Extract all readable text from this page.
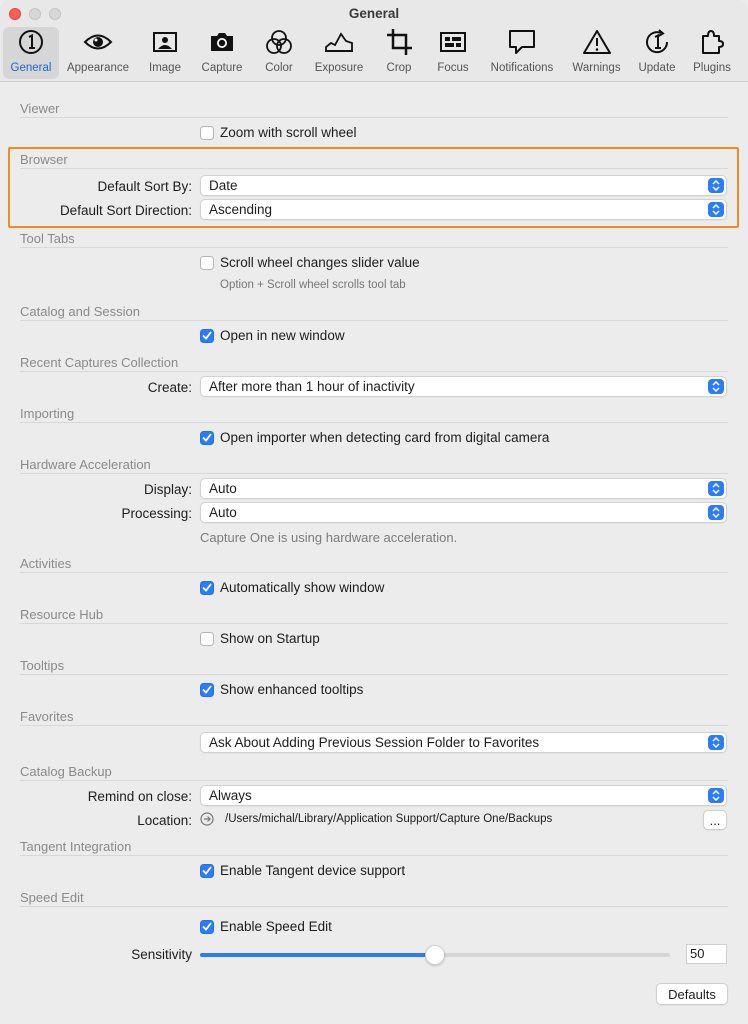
General
General Appearance Image Capture Color Exposure Crop Focus Notifications Warnings Update Plugins
Viewer
Zoom with scroll wheel
Browser
Default Sort By: Date
Default Sort Direction: Ascending
Tool Tabs
Scroll wheel changes slider value
Option + Scroll wheel scrolls tool tab
Catalog and Session
Open in new window
Recent Captures Collection
Create: After more than 1 hour of inactivity
Importing
Open importer when detecting card from digital camera
Hardware Acceleration
Display: Auto
Processing: Auto
Capture One is using hardware acceleration.
Activities
Automatically show window
Resource Hub
Show on Startup
Tooltips
Show enhanced tooltips
Favorites
Ask About Adding Previous Session Folder to Favorites
Catalog Backup
Remind on close: Always
Location:	/Users/michal/Library/Application Support/Capture One/Backups	...
Tangent Integration
Enable Tangent device support
Speed Edit
Enable Speed Edit
Sensitivity	50
Defaults
